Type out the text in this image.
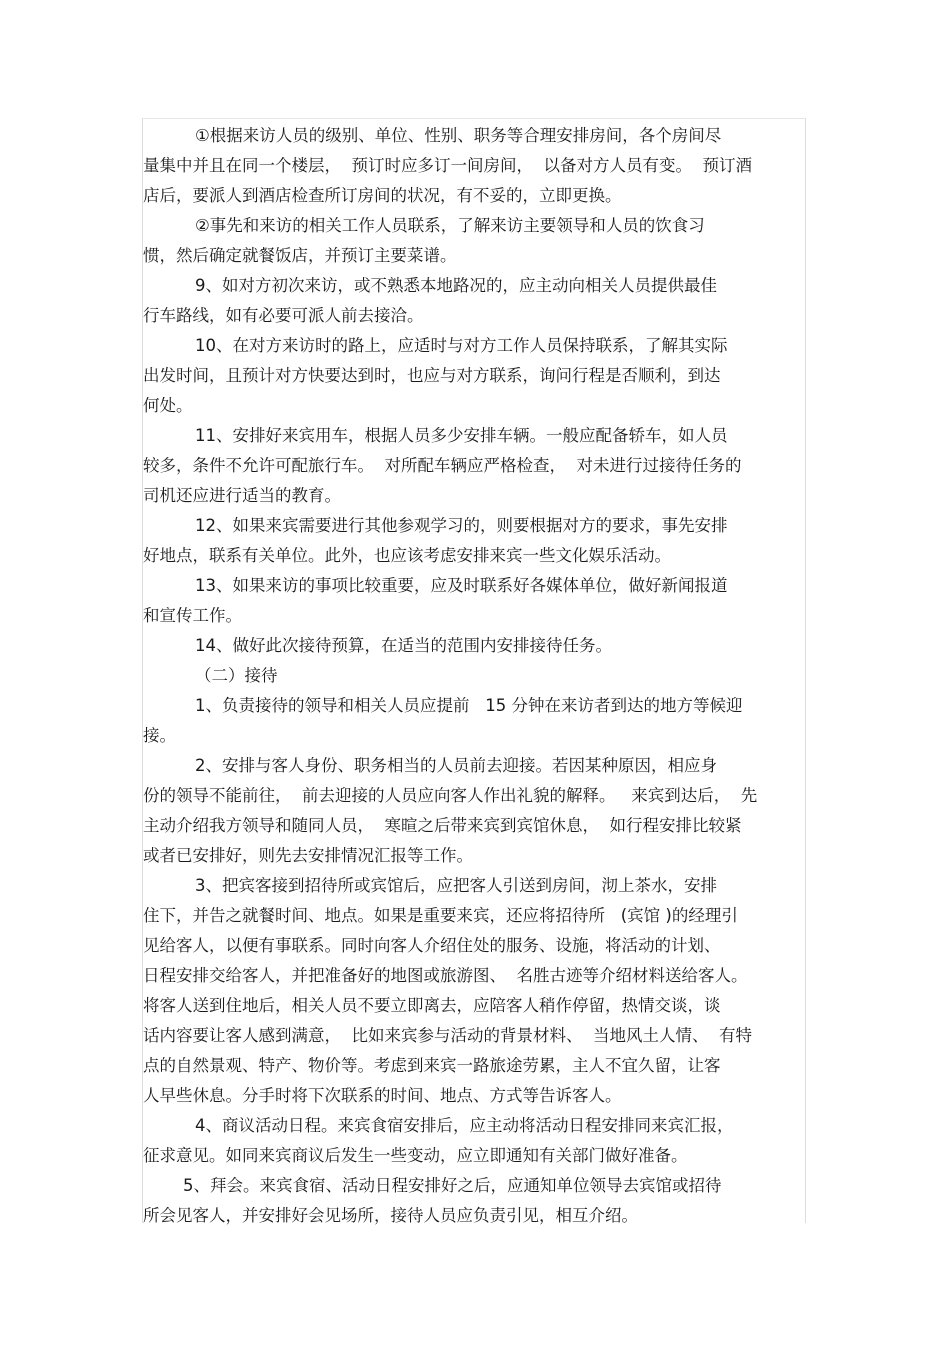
①根据来访人员的级别、单位、性别、职务等合理安排房间，各个房间尽
量集中并且在同一个楼层，  预订时应多订一间房间，  以备对方人员有变。  预订酒
店后，要派人到酒店检查所订房间的状况，有不妥的，立即更换。
②事先和来访的相关工作人员联系，了解来访主要领导和人员的饮食习
惯，然后确定就餐饭店，并预订主要菜谱。
9、如对方初次来访，或不熟悉本地路况的，应主动向相关人员提供最佳
行车路线，如有必要可派人前去接洽。
10、在对方来访时的路上，应适时与对方工作人员保持联系，了解其实际
出发时间，且预计对方快要达到时，也应与对方联系，询问行程是否顺利，到达
何处。
11、安排好来宾用车，根据人员多少安排车辆。一般应配备轿车，如人员
较多，条件不允许可配旅行车。  对所配车辆应严格检查，  对未进行过接待任务的
司机还应进行适当的教育。
12、如果来宾需要进行其他参观学习的，则要根据对方的要求，事先安排
好地点，联系有关单位。此外，也应该考虑安排来宾一些文化娱乐活动。
13、如果来访的事项比较重要，应及时联系好各媒体单位，做好新闻报道
和宣传工作。
14、做好此次接待预算，在适当的范围内安排接待任务。
（二）接待
1、负责接待的领导和相关人员应提前   15 分钟在来访者到达的地方等候迎
接。
2、安排与客人身份、职务相当的人员前去迎接。若因某种原因，相应身
份的领导不能前往，  前去迎接的人员应向客人作出礼貌的解释。   来宾到达后，  先
主动介绍我方领导和随同人员，  寒暄之后带来宾到宾馆休息，  如行程安排比较紧
或者已安排好，则先去安排情况汇报等工作。
3、把宾客接到招待所或宾馆后，应把客人引送到房间，沏上茶水，安排
住下，并告之就餐时间、地点。如果是重要来宾，还应将招待所   (宾馆 )的经理引
见给客人，以便有事联系。同时向客人介绍住处的服务、设施，将活动的计划、
日程安排交给客人，并把准备好的地图或旅游图、  名胜古迹等介绍材料送给客人。
将客人送到住地后，相关人员不要立即离去，应陪客人稍作停留，热情交谈，谈
话内容要让客人感到满意，  比如来宾参与活动的背景材料、  当地风土人情、  有特
点的自然景观、特产、物价等。考虑到来宾一路旅途劳累，主人不宜久留，让客
人早些休息。分手时将下次联系的时间、地点、方式等告诉客人。
4、商议活动日程。来宾食宿安排后，应主动将活动日程安排同来宾汇报，
征求意见。如同来宾商议后发生一些变动，应立即通知有关部门做好准备。
5、拜会。来宾食宿、活动日程安排好之后，应通知单位领导去宾馆或招待
所会见客人，并安排好会见场所，接待人员应负责引见，相互介绍。
